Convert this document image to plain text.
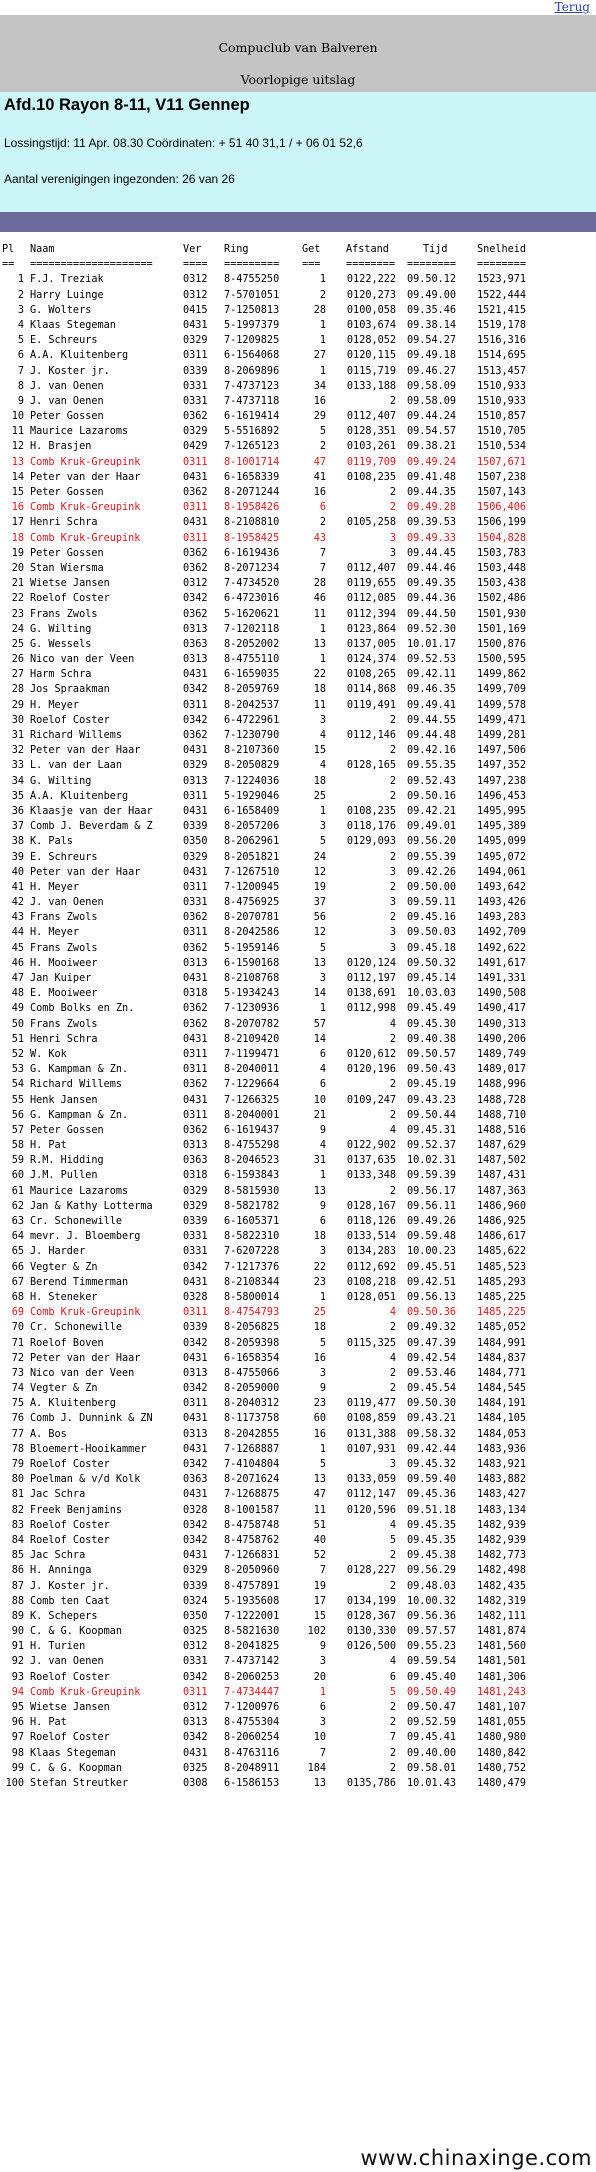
Terug
Compuclub van Balveren
Voorlopige uitslag
Afd.10 Rayon 8-11, V11 Gennep
Lossingstijd: 11 Apr. 08.30 Coördinaten: + 51 40 31,1 / + 06 01 52,6
Aantal verenigingen ingezonden: 26 van 26
Pl Naam	Ver Ring	Get	Afstand	Tijd	Snelheid
== ====================	==== ========= ===	======== ======== ========
1 F.J. Treziak	0312 8-4755250	1	0122,222 09.50.12 1523,971
2 Harry Luinge	0312 7-5701051	2	0120,273 09.49.00 1522,444
3 G. Wolters	0415 7-1250813	28	0100,058 09.35.46 1521,415
4 Klaas Stegeman	0431 5-1997379	1	0103,674 09.38.14 1519,178
5 E. Schreurs	0329 7-1209825	1	0128,052 09.54.27 1516,316
6 A.A. Kluitenberg	0311 6-1564068	27	0120,115 09.49.18 1514,695
7 J. Koster jr.	0339 8-2069896	1	0115,719 09.46.27 1513,457
8 J. van Oenen	0331 7-4737123	34	0133,188 09.58.09 1510,933
9 J. van Oenen	0331 7-4737118	16	2 09.58.09 1510,933
10 Peter Gossen	0362 6-1619414	29	0112,407 09.44.24 1510,857
11 Maurice Lazaroms	0329 5-5516892	5	0128,351 09.54.57 1510,705
12 H. Brasjen	0429 7-1265123	2	0103,261 09.38.21 1510,534
13 Comb Kruk-Greupink	0311 8-1001714	47	0119,709 09.49.24 1507,671
14 Peter van der Haar	0431 6-1658339	41	0108,235 09.41.48 1507,238
15 Peter Gossen	0362 8-2071244	16	2 09.44.35 1507,143
16 Comb Kruk-Greupink	0311 8-1958426	6	2 09.49.28 1506,406
17 Henri Schra	0431 8-2108810	2	0105,258 09.39.53 1506,199
18 Comb Kruk-Greupink	0311 8-1958425	43	3 09.49.33 1504,828
19 Peter Gossen	0362 6-1619436	7	3 09.44.45 1503,783
20 Stan Wiersma	0362 8-2071234	7	0112,407 09.44.46 1503,448
21 Wietse Jansen	0312 7-4734520	28	0119,655 09.49.35 1503,438
22 Roelof Coster	0342 6-4723016	46	0112,085 09.44.36 1502,486
23 Frans Zwols	0362 5-1620621	11	0112,394 09.44.50 1501,930
24 G. Wilting	0313 7-1202118	1	0123,864 09.52.30 1501,169
25 G. Wessels	0363 8-2052002	13	0137,005 10.01.17 1500,876
26 Nico van der Veen	0313 8-4755110	1	0124,374 09.52.53 1500,595
27 Harm Schra	0431 6-1659035	22	0108,265 09.42.11 1499,862
28 Jos Spraakman	0342 8-2059769	18	0114,868 09.46.35 1499,709
29 H. Meyer	0311 8-2042537	11	0119,491 09.49.41 1499,578
30 Roelof Coster	0342 6-4722961	3	2 09.44.55 1499,471
31 Richard Willems	0362 7-1230790	4	0112,146 09.44.48 1499,281
32 Peter van der Haar	0431 8-2107360	15	2 09.42.16 1497,506
33 L. van der Laan	0329 8-2050829	4	0128,165 09.55.35 1497,352
34 G. Wilting	0313 7-1224036	18	2 09.52.43 1497,238
35 A.A. Kluitenberg	0311 5-1929046	25	2 09.50.16 1496,453
36 Klaasje van der Haar	0431 6-1658409	1	0108,235 09.42.21 1495,995
37 Comb J. Beverdam & Z	0339 8-2057206	3	0118,176 09.49.01 1495,389
38 K. Pals	0350 8-2062961	5	0129,093 09.56.20 1495,099
39 E. Schreurs	0329 8-2051821	24	2 09.55.39 1495,072
40 Peter van der Haar	0431 7-1267510	12	3 09.42.26 1494,061
41 H. Meyer	0311 7-1200945	19	2 09.50.00 1493,642
42 J. van Oenen	0331 8-4756925	37	3 09.59.11 1493,426
43 Frans Zwols	0362 8-2070781	56	2 09.45.16 1493,283
44 H. Meyer	0311 8-2042586	12	3 09.50.03 1492,709
45 Frans Zwols	0362 5-1959146	5	3 09.45.18 1492,622
46 H. Mooiweer	0313 6-1590168	13	0120,124 09.50.32 1491,617
47 Jan Kuiper	0431 8-2108768	3	0112,197 09.45.14 1491,331
48 E. Mooiweer	0318 5-1934243	14	0138,691 10.03.03 1490,508
49 Comb Bolks en Zn.	0362 7-1230936	1	0112,998 09.45.49 1490,417
50 Frans Zwols	0362 8-2070782	57	4 09.45.30 1490,313
51 Henri Schra	0431 8-2109420	14	2 09.40.38 1490,206
52 W. Kok	0311 7-1199471	6	0120,612 09.50.57 1489,749
53 G. Kampman & Zn.	0311 8-2040011	4	0120,196 09.50.43 1489,017
54 Richard Willems	0362 7-1229664	6	2 09.45.19 1488,996
55 Henk Jansen	0431 7-1266325	10	0109,247 09.43.23 1488,728
56 G. Kampman & Zn.	0311 8-2040001	21	2 09.50.44 1488,710
57 Peter Gossen	0362 6-1619437	9	4 09.45.31 1488,516
58 H. Pat	0313 8-4755298	4	0122,902 09.52.37 1487,629
59 R.M. Hidding	0363 8-2046523	31	0137,635 10.02.31 1487,502
60 J.M. Pullen	0318 6-1593843	1	0133,348 09.59.39 1487,431
61 Maurice Lazaroms	0329 8-5815930	13	2 09.56.17 1487,363
62 Jan & Kathy Lotterma	0329 8-5821782	9	0128,167 09.56.11 1486,960
63 Cr. Schonewille	0339 6-1605371	6	0118,126 09.49.26 1486,925
64 mevr. J. Bloemberg	0331 8-5822310	18	0133,514 09.59.48 1486,617
65 J. Harder	0331 7-6207228	3	0134,283 10.00.23 1485,622
66 Vegter & Zn	0342 7-1217376	22	0112,692 09.45.51 1485,523
67 Berend Timmerman	0431 8-2108344	23	0108,218 09.42.51 1485,293
68 H. Steneker	0328 8-5800014	1	0128,051 09.56.13 1485,225
69 Comb Kruk-Greupink	0311 8-4754793	25	4 09.50.36 1485,225
70 Cr. Schonewille	0339 8-2056825	18	2 09.49.32 1485,052
71 Roelof Boven	0342 8-2059398	5	0115,325 09.47.39 1484,991
72 Peter van der Haar	0431 6-1658354	16	4 09.42.54 1484,837
73 Nico van der Veen	0313 8-4755066	3	2 09.53.46 1484,771
74 Vegter & Zn	0342 8-2059000	9	2 09.45.54 1484,545
75 A. Kluitenberg	0311 8-2040312	23	0119,477 09.50.30 1484,191
76 Comb J. Dunnink & ZN	0431 8-1173758	60	0108,859 09.43.21 1484,105
77 A. Bos	0313 8-2042855	16	0131,388 09.58.32 1484,053
78 Bloemert-Hooikammer	0431 7-1268887	1	0107,931 09.42.44 1483,936
79 Roelof Coster	0342 7-4104804	5	3 09.45.32 1483,921
80 Poelman & v/d Kolk	0363 8-2071624	13	0133,059 09.59.40 1483,882
81 Jac Schra	0431 7-1268875	47	0112,147 09.45.36 1483,427
82 Freek Benjamins	0328 8-1001587	11	0120,596 09.51.18 1483,134
83 Roelof Coster	0342 8-4758748	51	4 09.45.35 1482,939
84 Roelof Coster	0342 8-4758762	40	5 09.45.35 1482,939
85 Jac Schra	0431 7-1266831	52	2 09.45.38 1482,773
86 H. Anninga	0329 8-2050960	7	0128,227 09.56.29 1482,498
87 J. Koster jr.	0339 8-4757891	19	2 09.48.03 1482,435
88 Comb ten Caat	0324 5-1935608	17	0134,199 10.00.32 1482,319
89 K. Schepers	0350 7-1222001	15	0128,367 09.56.36 1482,111
90 C. & G. Koopman	0325 8-5821630	102	0130,330 09.57.57 1481,874
91 H. Turien	0312 8-2041825	9	0126,500 09.55.23 1481,560
92 J. van Oenen	0331 7-4737142	3	4 09.59.54 1481,501
93 Roelof Coster	0342 8-2060253	20	6 09.45.40 1481,306
94 Comb Kruk-Greupink	0311 7-4734447	1	5 09.50.49 1481,243
95 Wietse Jansen	0312 7-1200976	6	2 09.50.47 1481,107
96 H. Pat	0313 8-4755304	3	2 09.52.59 1481,055
97 Roelof Coster	0342 8-2060254	10	7 09.45.41 1480,980
98 Klaas Stegeman	0431 8-4763116	7	2 09.40.00 1480,842
99 C. & G. Koopman	0325 8-2048911	184	2 09.58.01 1480,752
100 Stefan Streutker	0308 6-1586153	13	0135,786 10.01.43 1480,479
www.chinaxinge.com
